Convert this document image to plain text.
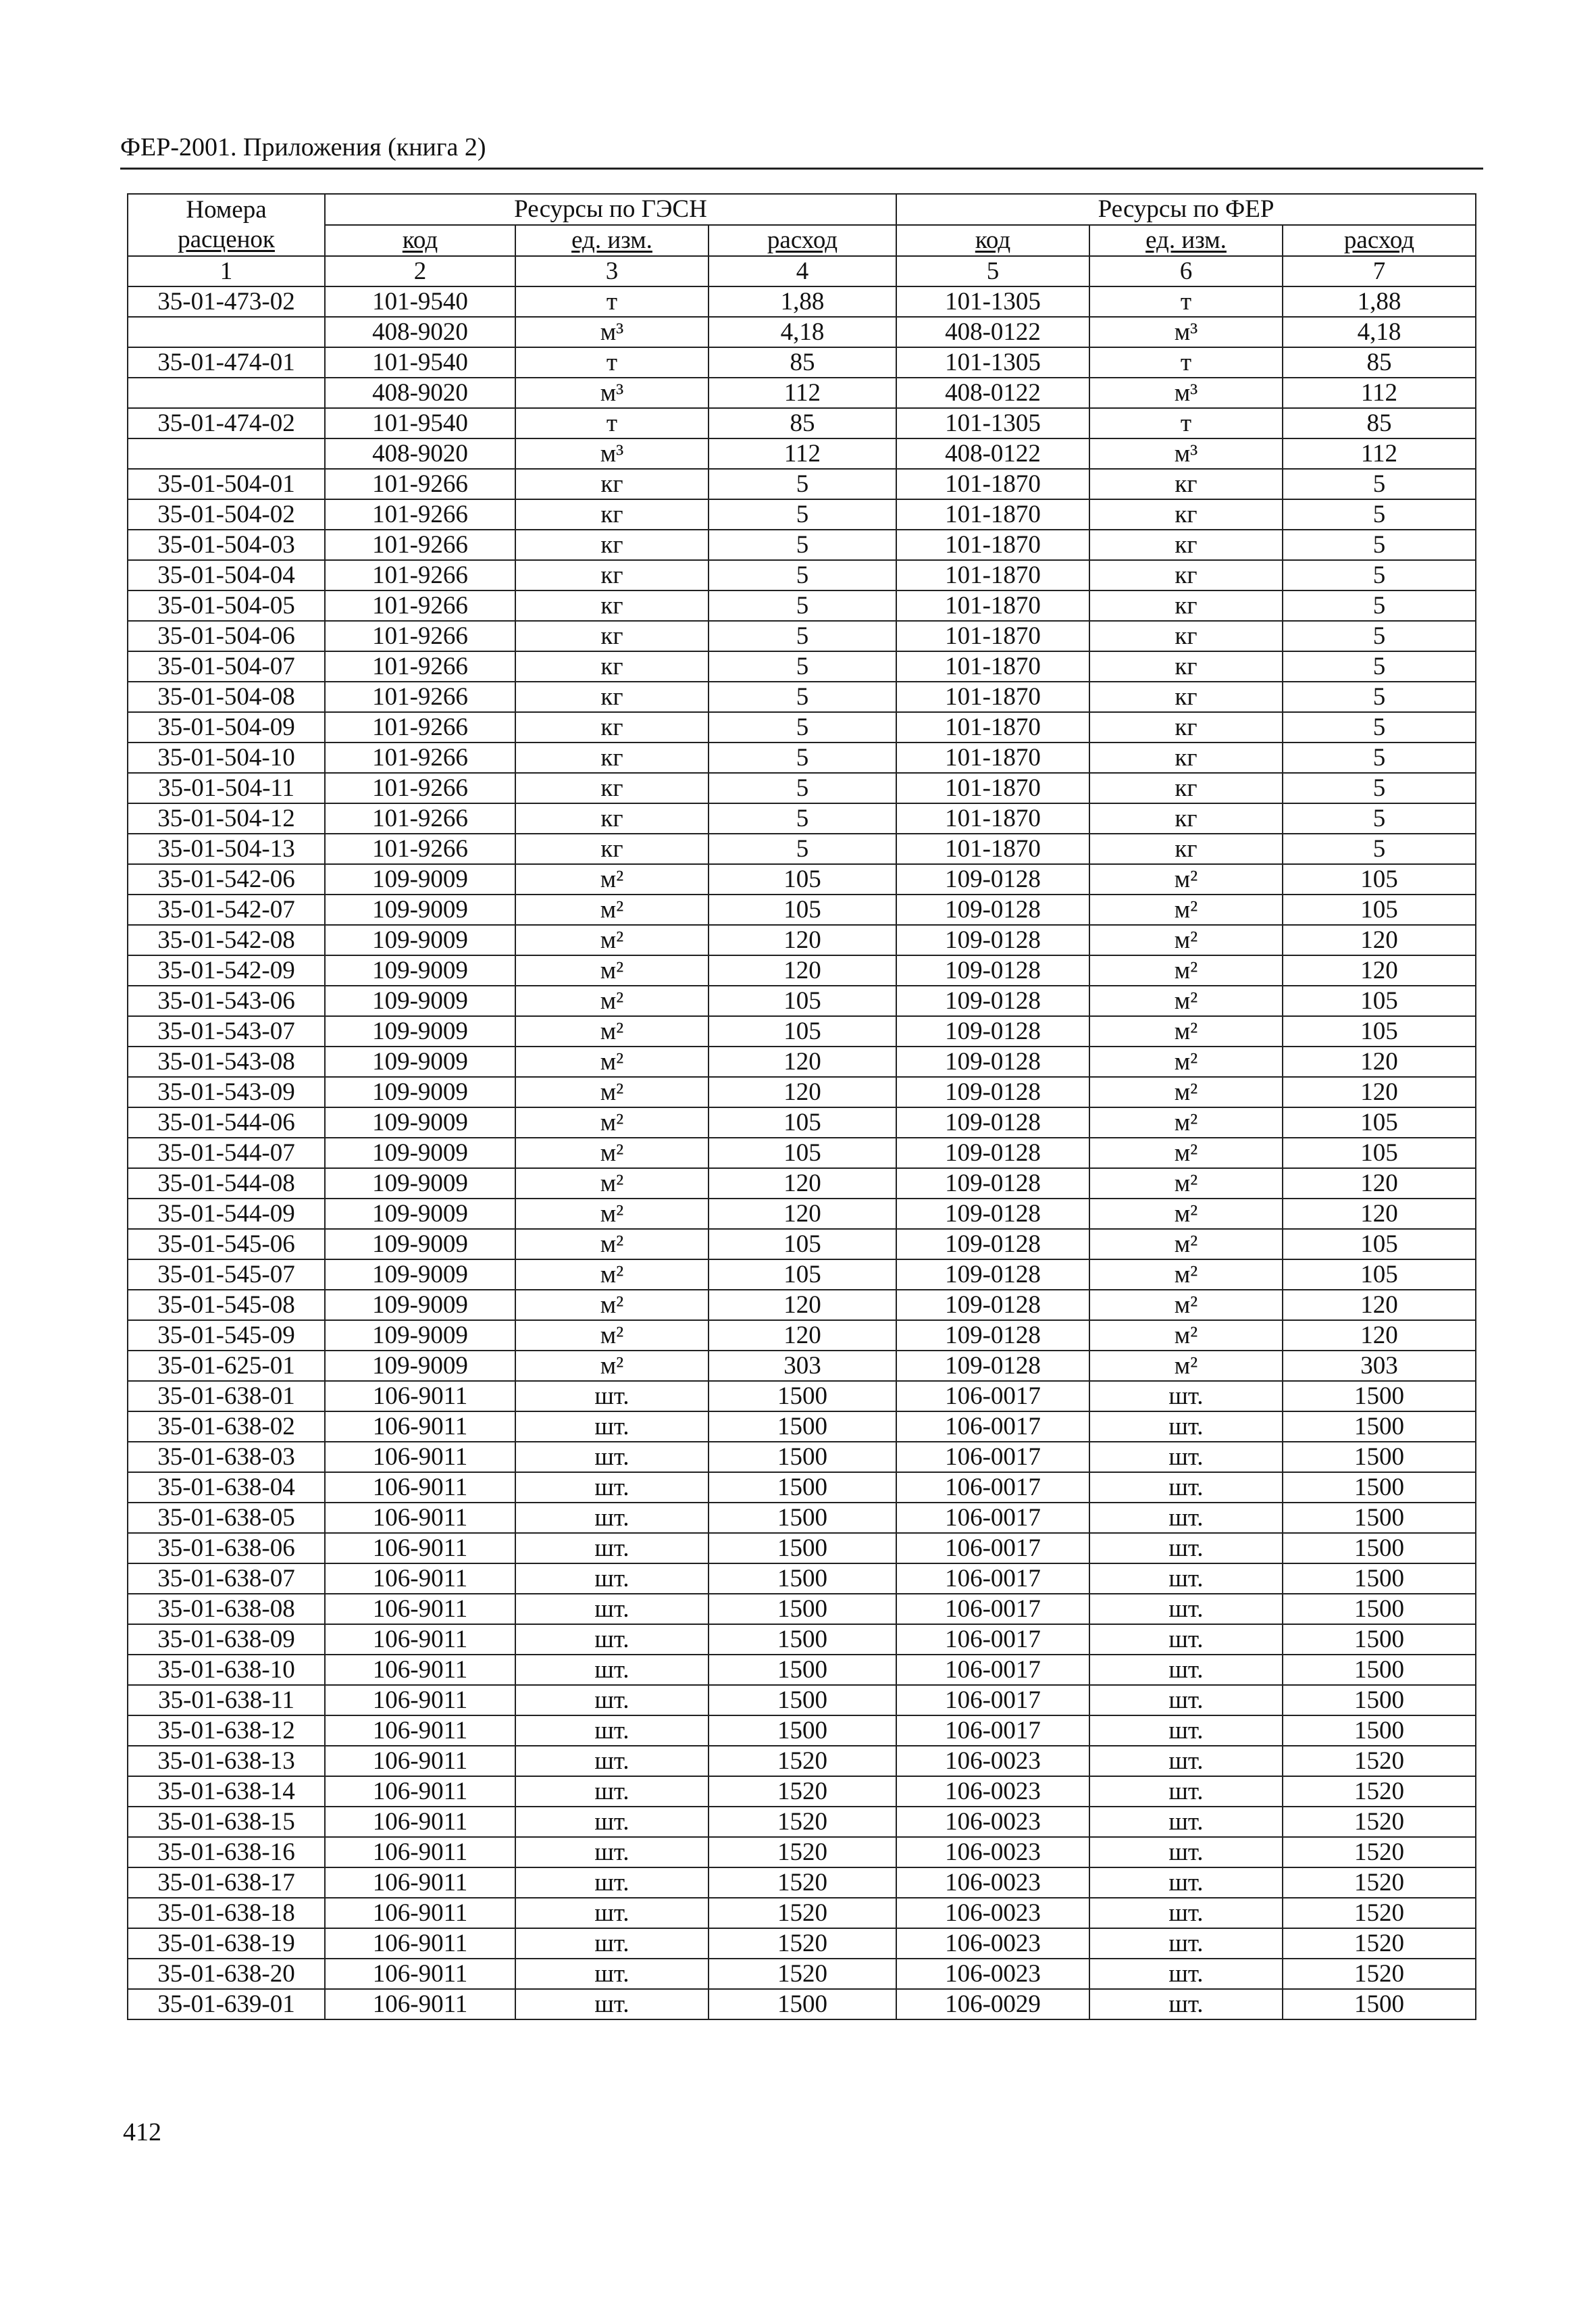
ФЕР-2001. Приложения (книга 2)
Номера
расценок	Ресурсы по ГЭСН			Ресурсы по ФЕР		
	код	ед. изм.	расход	код	ед. изм.	расход
1	2	3	4	5	6	7
35-01-473-02	101-9540	т	1,88	101-1305	т	1,88
	408-9020	м³	4,18	408-0122	м³	4,18
35-01-474-01	101-9540	т	85	101-1305	т	85
	408-9020	м³	112	408-0122	м³	112
35-01-474-02	101-9540	т	85	101-1305	т	85
	408-9020	м³	112	408-0122	м³	112
35-01-504-01	101-9266	кг	5	101-1870	кг	5
35-01-504-02	101-9266	кг	5	101-1870	кг	5
35-01-504-03	101-9266	кг	5	101-1870	кг	5
35-01-504-04	101-9266	кг	5	101-1870	кг	5
35-01-504-05	101-9266	кг	5	101-1870	кг	5
35-01-504-06	101-9266	кг	5	101-1870	кг	5
35-01-504-07	101-9266	кг	5	101-1870	кг	5
35-01-504-08	101-9266	кг	5	101-1870	кг	5
35-01-504-09	101-9266	кг	5	101-1870	кг	5
35-01-504-10	101-9266	кг	5	101-1870	кг	5
35-01-504-11	101-9266	кг	5	101-1870	кг	5
35-01-504-12	101-9266	кг	5	101-1870	кг	5
35-01-504-13	101-9266	кг	5	101-1870	кг	5
35-01-542-06	109-9009	м²	105	109-0128	м²	105
35-01-542-07	109-9009	м²	105	109-0128	м²	105
35-01-542-08	109-9009	м²	120	109-0128	м²	120
35-01-542-09	109-9009	м²	120	109-0128	м²	120
35-01-543-06	109-9009	м²	105	109-0128	м²	105
35-01-543-07	109-9009	м²	105	109-0128	м²	105
35-01-543-08	109-9009	м²	120	109-0128	м²	120
35-01-543-09	109-9009	м²	120	109-0128	м²	120
35-01-544-06	109-9009	м²	105	109-0128	м²	105
35-01-544-07	109-9009	м²	105	109-0128	м²	105
35-01-544-08	109-9009	м²	120	109-0128	м²	120
35-01-544-09	109-9009	м²	120	109-0128	м²	120
35-01-545-06	109-9009	м²	105	109-0128	м²	105
35-01-545-07	109-9009	м²	105	109-0128	м²	105
35-01-545-08	109-9009	м²	120	109-0128	м²	120
35-01-545-09	109-9009	м²	120	109-0128	м²	120
35-01-625-01	109-9009	м²	303	109-0128	м²	303
35-01-638-01	106-9011	шт.	1500	106-0017	шт.	1500
35-01-638-02	106-9011	шт.	1500	106-0017	шт.	1500
35-01-638-03	106-9011	шт.	1500	106-0017	шт.	1500
35-01-638-04	106-9011	шт.	1500	106-0017	шт.	1500
35-01-638-05	106-9011	шт.	1500	106-0017	шт.	1500
35-01-638-06	106-9011	шт.	1500	106-0017	шт.	1500
35-01-638-07	106-9011	шт.	1500	106-0017	шт.	1500
35-01-638-08	106-9011	шт.	1500	106-0017	шт.	1500
35-01-638-09	106-9011	шт.	1500	106-0017	шт.	1500
35-01-638-10	106-9011	шт.	1500	106-0017	шт.	1500
35-01-638-11	106-9011	шт.	1500	106-0017	шт.	1500
35-01-638-12	106-9011	шт.	1500	106-0017	шт.	1500
35-01-638-13	106-9011	шт.	1520	106-0023	шт.	1520
35-01-638-14	106-9011	шт.	1520	106-0023	шт.	1520
35-01-638-15	106-9011	шт.	1520	106-0023	шт.	1520
35-01-638-16	106-9011	шт.	1520	106-0023	шт.	1520
35-01-638-17	106-9011	шт.	1520	106-0023	шт.	1520
35-01-638-18	106-9011	шт.	1520	106-0023	шт.	1520
35-01-638-19	106-9011	шт.	1520	106-0023	шт.	1520
35-01-638-20	106-9011	шт.	1520	106-0023	шт.	1520
35-01-639-01	106-9011	шт.	1500	106-0029	шт.	1500
412
